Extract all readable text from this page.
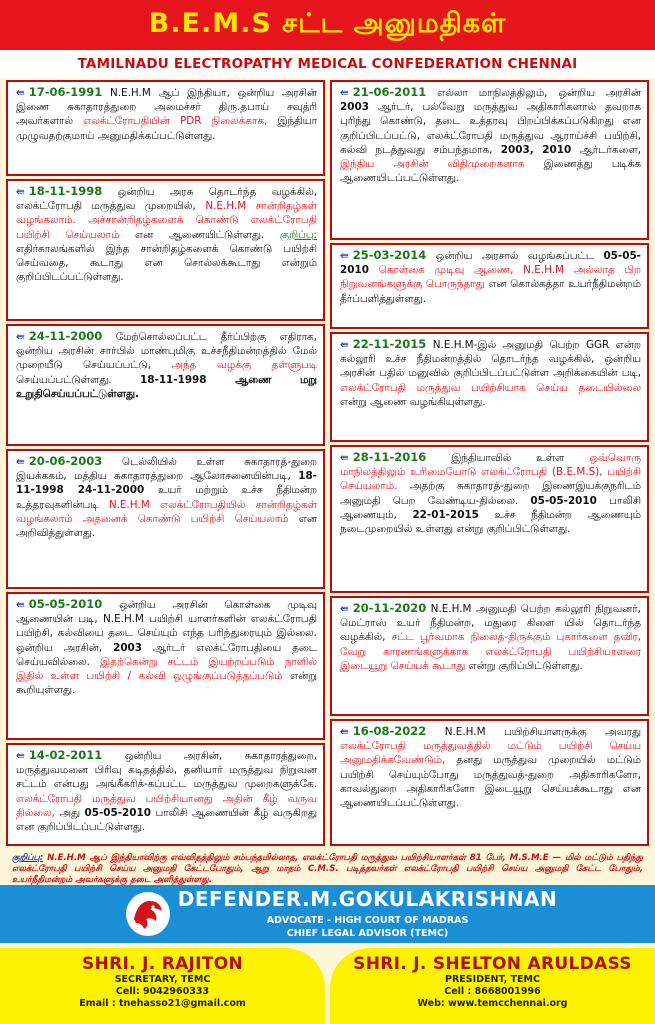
B.E.M.S சட்ட அனுமதிகள்
TAMILNADU ELECTROPATHY MEDICAL CONFEDERATION CHENNAI
⇚ 17-06-1991 N.E.H.M ஆப் இந்தியா, ஒன்றிய அரசின் இணை சுகாதாரத்துறை அமைச்சர் திரு.தபாய் சவுத்ரி அவர்களால் எலக்ட்ரோபதியின் PDR நிலைக்காக, இந்தியா முழுவதற்குமாய் அனுமதிக்கப்பட்டுள்ளது.
⇚ 18-11-1998 ஒன்றிய அரசு தொடர்ந்த வழக்கில், எலக்ட்ரோபதி மருத்துவ முறையில், N.E.H.M சான்றிதழ்கள் வழங்கலாம். அச்சான்றிதழ்களைக் கொண்டு எலக்ட்ரோபதி பயிற்சி செய்யலாம் என ஆணையிட்டுள்ளது. குறிப்பு: எதிர்காலங்களில் இந்த சான்றிதழ்களைக் கொண்டு பயிற்சி செய்வதை, கூடாது என சொல்லக்கூடாது என்றும் குறிப்பிடப்பட்டுள்ளது.
⇚ 24-11-2000 மேற்சொல்லப்பட்ட தீர்ப்பிற்கு எதிராக, ஒன்றிய அரசின் சார்பில் மாண்புமிகு உச்சநீதிமன்றத்தில் மேல் முறையீடு செய்யப்பட்டு, அந்த வழக்கு தள்ளுபடி செய்யப்பட்டுள்ளது.	18-11-1998 ஆணை மறு உறுதிசெய்யப்பட்டுள்ளது.
⇚ 20-06-2003 டெல்லியில் உள்ள சுகாதாரத்-துறை இயக்ககம், மத்திய சுகாதாரத்துறை ஆலோசனையின்படி, 18-11-1998 24-11-2000 உயர் மற்றும் உச்ச நீதிமன்ற உத்தரவுகளின்படி N.E.H.M எலக்ட்ரோபதியில் சான்றிதழ்கள் வழங்கலாம் அதனைக் கொண்டு பயிற்சி செய்யலாம் என அறிவித்துள்ளது.
⇚ 05-05-2010 ஒன்றிய அரசின் கொள்கை முடிவு ஆணையின் படி, N.E.H.M பயிற்சி யாளர்களின் எலக்ட்ரோபதி பயிற்சி, கல்வியை தடை செய்யும் எந்த பரிந்துரையும் இல்லை. ஒன்றிய அரசின், 2003 ஆர்டர் எலக்ட்ரோபதியை தடை செய்யவில்லை. இதற்கென்று சட்டம் இயற்றப்படும் நாளில் இதில் உள்ள பயிற்சி / கல்வி ஒழுங்குப்படுத்தப்படும் என்று கூறியுள்ளது.
⇚ 14-02-2011 ஒன்றிய அரசின், சுகாதாரத்துறை, மருத்துவமனை பிரிவு கடிதத்தில், தனியார் மருத்துவ நிறுவன சட்டம் என்பது அங்கீகரிக்-கப்பட்ட மருத்துவ முறைகளுக்கே. எலக்ட்ரோபதி மருத்துவ பயிற்சியானது அதின் கீழ் வருவ தில்லை, அது 05-05-2010 பாலிசி ஆணையின் கீழ் வருகிறது என குறிப்பிடப்பட்டுள்ளது.
⇚ 21-06-2011 எல்லா மாநிலத்திலும், ஒன்றிய அரசின் 2003 ஆர்டர், பல்வேறு மருத்துவ அதிகாரிகளால் தவறாக புரிந்து கொண்டு, தடை உத்தரவு பிறப்பிக்கப்படுகிறது என குறிப்பிடப்பட்டு, எலக்ட்ரோபதி மருத்துவ ஆராய்ச்சி பயிற்சி, கல்வி நடத்துவது சம்பந்தமாக, 2003, 2010 ஆர்டர்களை, இந்திய அரசின் விதிமுறைகளாக இணைத்து படிக்க ஆணையிடப்பட்டுள்ளது.
⇚ 25-03-2014 ஒன்றிய அரசால் வழங்கப்பட்ட 05-05-2010 கொள்கை முடிவு ஆணை, N.E.H.M அல்லாத பிற நிறுவனங்களுக்கு பொருந்தாது என கொல்கத்தா உயர்நீதிமன்றம் தீர்ப்பளித்துள்ளது.
⇚ 22-11-2015 N.E.H.M-இல் அனுமதி பெற்ற GGR என்ற கல்லூரி உச்ச நீதிமன்றத்தில் தொடர்ந்த வழக்கில், ஒன்றிய அரசின் பதில் மனுவில் குறிப்பிடப்பட்டுள்ள அறிக்கையின் படி, எலக்ட்ரோபதி மருத்துவ பயிற்சியாக செய்ய தடையில்லை என்று ஆணை வழங்கியுள்ளது.
⇚ 28-11-2016 இந்தியாவில் உள்ள ஒவ்வொரு மாநிலத்திலும் உரிமையோடு எலக்ட்ரோபதி (B.E.M.S), பயிற்சி செய்யலாம். அதற்கு சுகாதாரத்-துறை இணைஇயக்குநரிடம் அனுமதி பெற வேண்டிய-தில்லை. 05-05-2010 பாலிசி ஆணையும், 22-01-2015 உச்ச நீதிமன்ற ஆணையும் நடைமுறையில் உள்ளது என்று குறிப்பிட்டுள்ளது.
⇚ 20-11-2020 N.E.H.M அனுமதி பெற்ற கல்லூரி நிறுவனர், மெட்ராஸ் உயர் நீதிமன்ற, மதுரை கிளை யில் தொடர்ந்த வழக்கில், சட்ட பூர்வமாக நிலைத்-திருக்கும் புகார்களை தவிர, வேறு காரணங்களுக்காக எலக்ட்ரோபதி பயிற்சியாளரை இடையூறு செய்யக் கூடாது என்று குறிப்பிட்டுள்ளது.
⇚ 16-08-2022 N.E.H.M பயிற்சியாளருக்கு அவரது எலக்ட்ரோபதி மருத்துவத்தில் மட்டும் பயிற்சி செய்ய அனுமதிக்கவேண்டும், தனது மருத்துவ முறையில் மட்டும் பயிற்சி செய்யும்போது மருத்துவத்-துறை அதிகாரிகளோ, காவல்துறை அதிகாரிகளோ இடையூறு செய்யக்கூடாது என ஆணையிடப்பட்டுள்ளது.
குறிப்பு: N.E.H.M ஆப் இந்தியாவிற்கு எவ்விதத்திலும் சம்பந்தமில்லாத, எலக்ட்ரோபதி மருத்துவ பயிற்சியாளர்கள் 81 பேர், M.S.M.E — மில் மட்டும் பதிந்து எலக்ட்ரோபதி பயிற்சி செய்ய அனுமதி கேட்டபோதும், ஆறு மாதம் C.M.S. படித்தவர்கள் எலக்ட்ரோபதி பயிற்சி செய்ய அனுமதி கேட்ட போதும், உயர்நீதிமன்றம் அவர்களுக்கு தடை அளித்துள்ளது.
DEFENDER.M.GOKULAKRISHNAN
ADVOCATE - HIGH COURT OF MADRAS
CHIEF LEGAL ADVISOR (TEMC)
SHRI. J. RAJITON
SECRETARY, TEMC
Cell: 9042960333
Email : tnehasso21@gmail.com
SHRI. J. SHELTON ARULDASS
PRESIDENT, TEMC
Cell : 8668001996
Web: www.temcchennai.org
